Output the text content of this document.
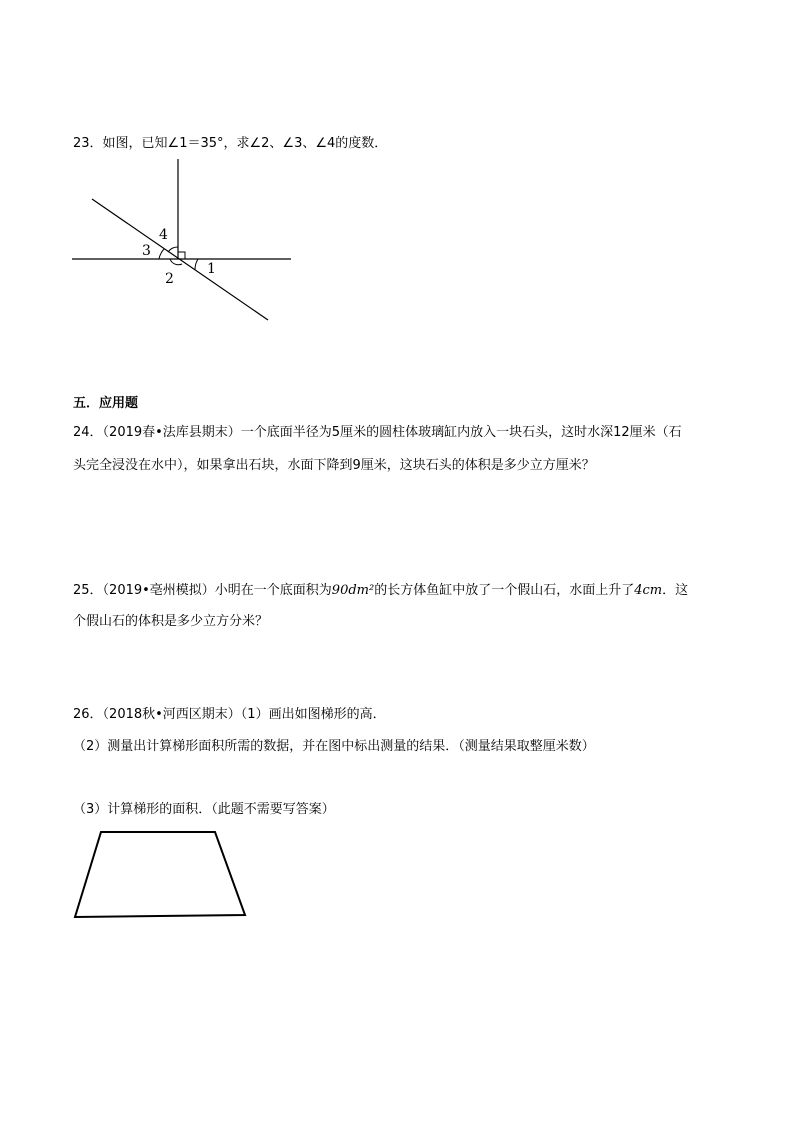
23．如图，已知∠1＝35°，求∠2、∠3、∠4的度数．
4
3
2
1
五．应用题
24．（2019春•法库县期末）一个底面半径为5厘米的圆柱体玻璃缸内放入一块石头，这时水深12厘米（石
头完全浸没在水中），如果拿出石块，水面下降到9厘米，这块石头的体积是多少立方厘米？
25．（2019•亳州模拟）小明在一个底面积为90dm²的长方体鱼缸中放了一个假山石，水面上升了4cm．这
个假山石的体积是多少立方分米？
26．（2018秋•河西区期末）（1）画出如图梯形的高．
（2）测量出计算梯形面积所需的数据，并在图中标出测量的结果．（测量结果取整厘米数）
（3）计算梯形的面积．（此题不需要写答案）
